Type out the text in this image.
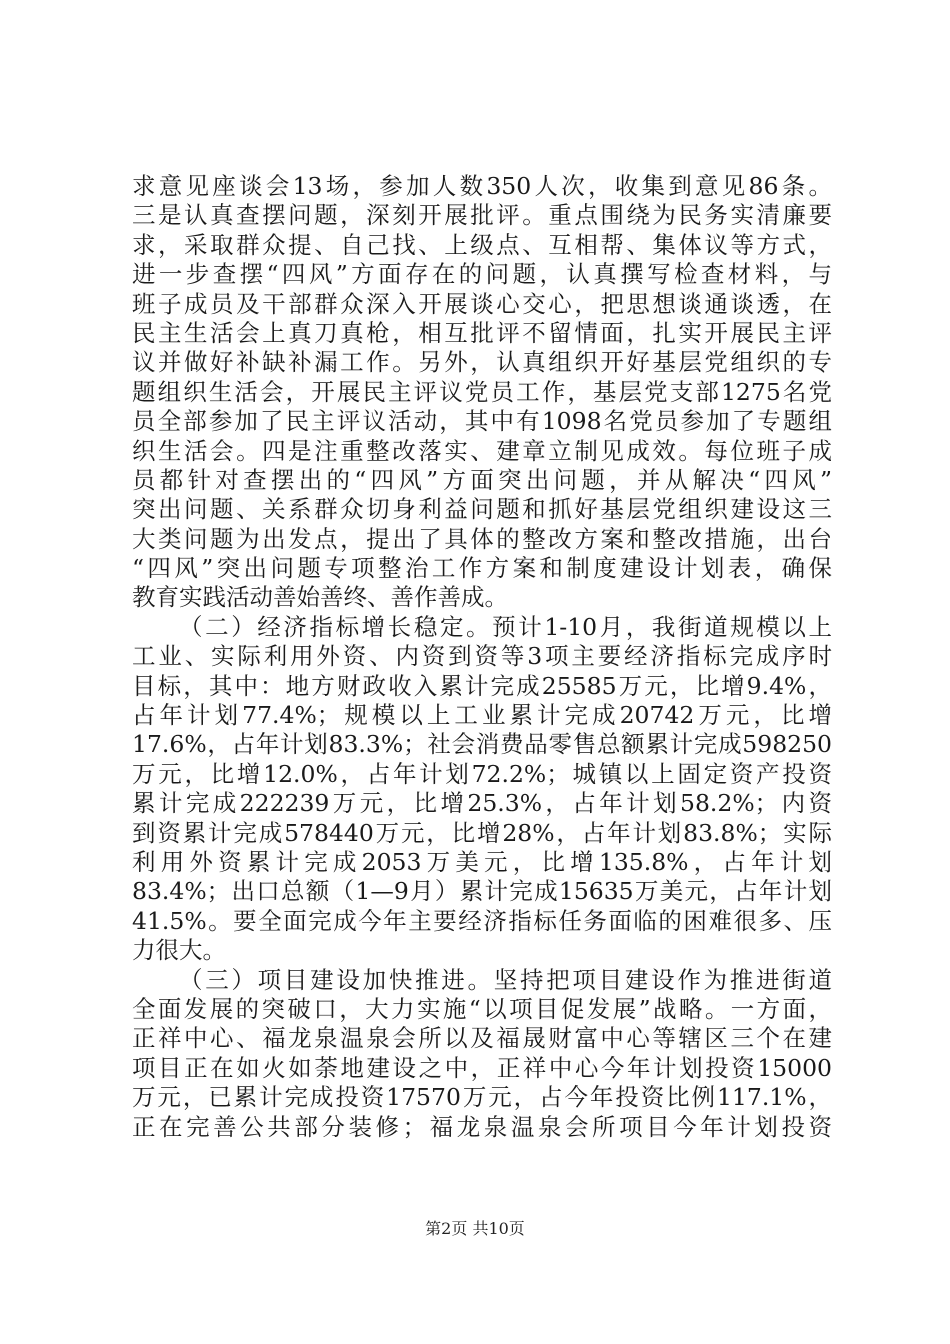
求意见座谈会13场，参加人数350人次，收集到意见86条。
三是认真查摆问题，深刻开展批评。重点围绕为民务实清廉要
求，采取群众提、自己找、上级点、互相帮、集体议等方式，
进一步查摆“四风”方面存在的问题，认真撰写检查材料，与
班子成员及干部群众深入开展谈心交心，把思想谈通谈透，在
民主生活会上真刀真枪，相互批评不留情面，扎实开展民主评
议并做好补缺补漏工作。另外，认真组织开好基层党组织的专
题组织生活会，开展民主评议党员工作，基层党支部1275名党
员全部参加了民主评议活动，其中有1098名党员参加了专题组
织生活会。四是注重整改落实、建章立制见成效。每位班子成
员都针对查摆出的“四风”方面突出问题，并从解决“四风”
突出问题、关系群众切身利益问题和抓好基层党组织建设这三
大类问题为出发点，提出了具体的整改方案和整改措施，出台
“四风”突出问题专项整治工作方案和制度建设计划表，确保
教育实践活动善始善终、善作善成。
（二）经济指标增长稳定。预计1-10月，我街道规模以上
工业、实际利用外资、内资到资等3项主要经济指标完成序时
目标，其中：地方财政收入累计完成25585万元，比增9.4%，
占年计划77.4%；规模以上工业累计完成20742万元，比增
17.6%，占年计划83.3%；社会消费品零售总额累计完成598250
万元，比增12.0%，占年计划72.2%；城镇以上固定资产投资
累计完成222239万元，比增25.3%，占年计划58.2%；内资
到资累计完成578440万元，比增28%，占年计划83.8%；实际
利用外资累计完成2053万美元，比增135.8%，占年计划
83.4%；出口总额（1—9月）累计完成15635万美元，占年计划
41.5%。要全面完成今年主要经济指标任务面临的困难很多、压
力很大。
（三）项目建设加快推进。坚持把项目建设作为推进街道
全面发展的突破口，大力实施“以项目促发展”战略。一方面，
正祥中心、福龙泉温泉会所以及福晟财富中心等辖区三个在建
项目正在如火如荼地建设之中，正祥中心今年计划投资15000
万元，已累计完成投资17570万元，占今年投资比例117.1%，
正在完善公共部分装修；福龙泉温泉会所项目今年计划投资
第2页 共10页
